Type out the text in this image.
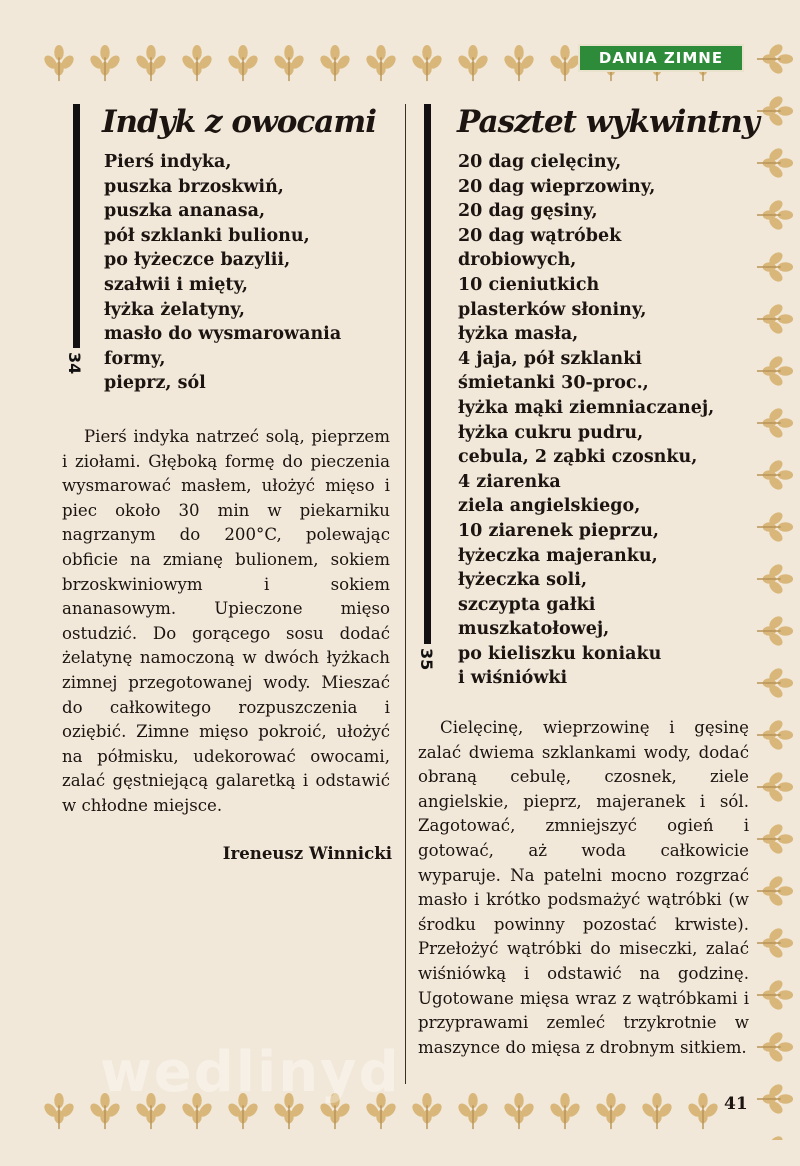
DANIA ZIMNE
34
Indyk z owocami
Pierś indyka,
puszka brzoskwiń,
puszka ananasa,
pół szklanki bulionu,
po łyżeczce bazylii,
szałwii i mięty,
łyżka żelatyny,
masło do wysmarowania
formy,
pieprz, sól

Pierś indyka natrzeć solą, pieprzem i ziołami. Głęboką formę do pieczenia wysmarować masłem, ułożyć mięso i piec około 30 min w piekarniku nagrzanym do 200°C, polewając obficie na zmianę bulionem, sokiem brzoskwiniowym i sokiem ananasowym. Upieczone mięso ostudzić. Do gorącego sosu dodać żelatynę namoczoną w dwóch łyżkach zimnej przegotowanej wody. Mieszać do całkowitego rozpuszczenia i oziębić. Zimne mięso pokroić, ułożyć na półmisku, udekorować owocami, zalać gęstniejącą galaretką i odstawić w chłodne miejsce.

Ireneusz Winnicki
35
Pasztet wykwintny
20 dag cielęciny,
20 dag wieprzowiny,
20 dag gęsiny,
20 dag wątróbek
drobiowych,
10 cieniutkich
plasterków słoniny,
łyżka masła,
4 jaja, pół szklanki
śmietanki 30-proc.,
łyżka mąki ziemniaczanej,
łyżka cukru pudru,
cebula, 2 ząbki czosnku,
4 ziarenka
ziela angielskiego,
10 ziarenek pieprzu,
łyżeczka majeranku,
łyżeczka soli,
szczypta gałki
muszkatołowej,
po kieliszku koniaku
i wiśniówki

Cielęcinę, wieprzowinę i gęsinę zalać dwiema szklankami wody, dodać obraną cebulę, czosnek, ziele angielskie, pieprz, majeranek i sól. Zagotować, zmniejszyć ogień i gotować, aż woda całkowicie wyparuje. Na patelni mocno rozgrzać masło i krótko podsmażyć wątróbki (w środku powinny pozostać krwiste). Przełożyć wątróbki do miseczki, zalać wiśniówką i odstawić na godzinę. Ugotowane mięsa wraz z wątróbkami i przyprawami zemleć trzykrotnie w maszynce do mięsa z drobnym sitkiem.

wedlinyd	41
